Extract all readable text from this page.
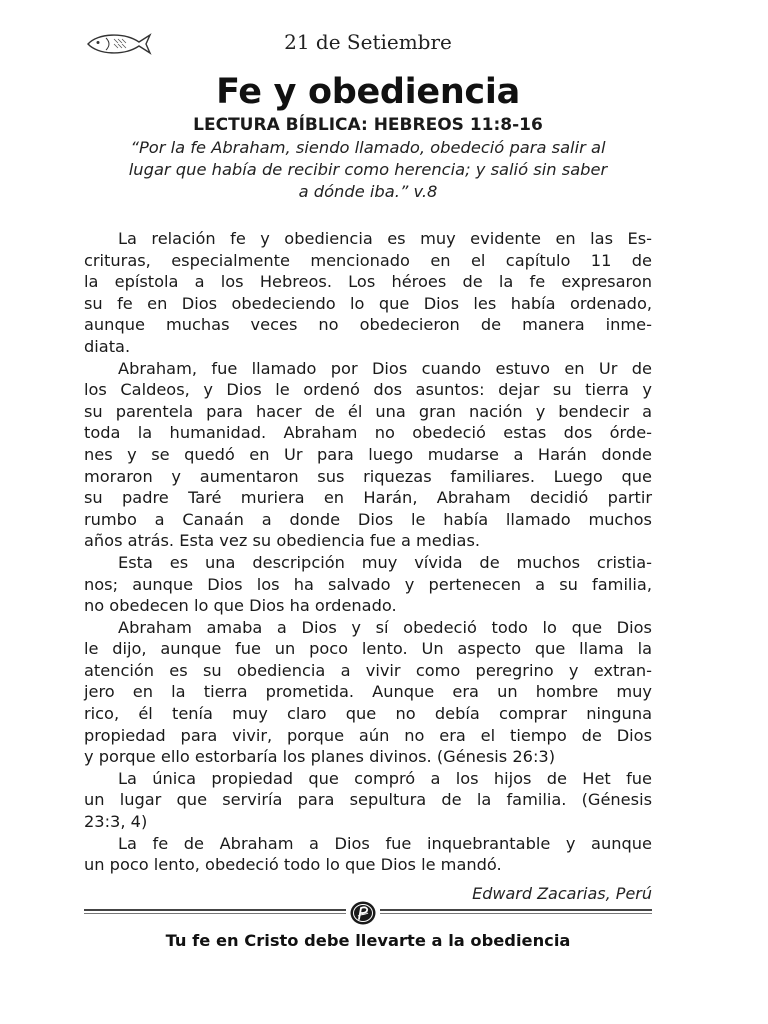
21 de Setiembre
Fe y obediencia
LECTURA BÍBLICA: HEBREOS 11:8-16
“Por la fe Abraham, siendo llamado, obedeció para salir al
lugar que había de recibir como herencia; y salió sin saber
a dónde iba.” v.8
La relación fe y obediencia es muy evidente en las Es-
crituras, especialmente mencionado en el capítulo 11 de
la epístola a los Hebreos. Los héroes de la fe expresaron
su fe en Dios obedeciendo lo que Dios les había ordenado,
aunque muchas veces no obedecieron de manera inme-
diata.
Abraham, fue llamado por Dios cuando estuvo en Ur de
los Caldeos, y Dios le ordenó dos asuntos: dejar su tierra y
su parentela para hacer de él una gran nación y bendecir a
toda la humanidad. Abraham no obedeció estas dos órde-
nes y se quedó en Ur para luego mudarse a Harán donde
moraron y aumentaron sus riquezas familiares. Luego que
su padre Taré muriera en Harán, Abraham decidió partir
rumbo a Canaán a donde Dios le había llamado muchos
años atrás. Esta vez su obediencia fue a medias.
Esta es una descripción muy vívida de muchos cristia-
nos; aunque Dios los ha salvado y pertenecen a su familia,
no obedecen lo que Dios ha ordenado.
Abraham amaba a Dios y sí obedeció todo lo que Dios
le dijo, aunque fue un poco lento. Un aspecto que llama la
atención es su obediencia a vivir como peregrino y extran-
jero en la tierra prometida. Aunque era un hombre muy
rico, él tenía muy claro que no debía comprar ninguna
propiedad para vivir, porque aún no era el tiempo de Dios
y porque ello estorbaría los planes divinos. (Génesis 26:3)
La única propiedad que compró a los hijos de Het fue
un lugar que serviría para sepultura de la familia. (Génesis
23:3, 4)
La fe de Abraham a Dios fue inquebrantable y aunque
un poco lento, obedeció todo lo que Dios le mandó.
Edward Zacarias, Perú
Tu fe en Cristo debe llevarte a la obediencia
